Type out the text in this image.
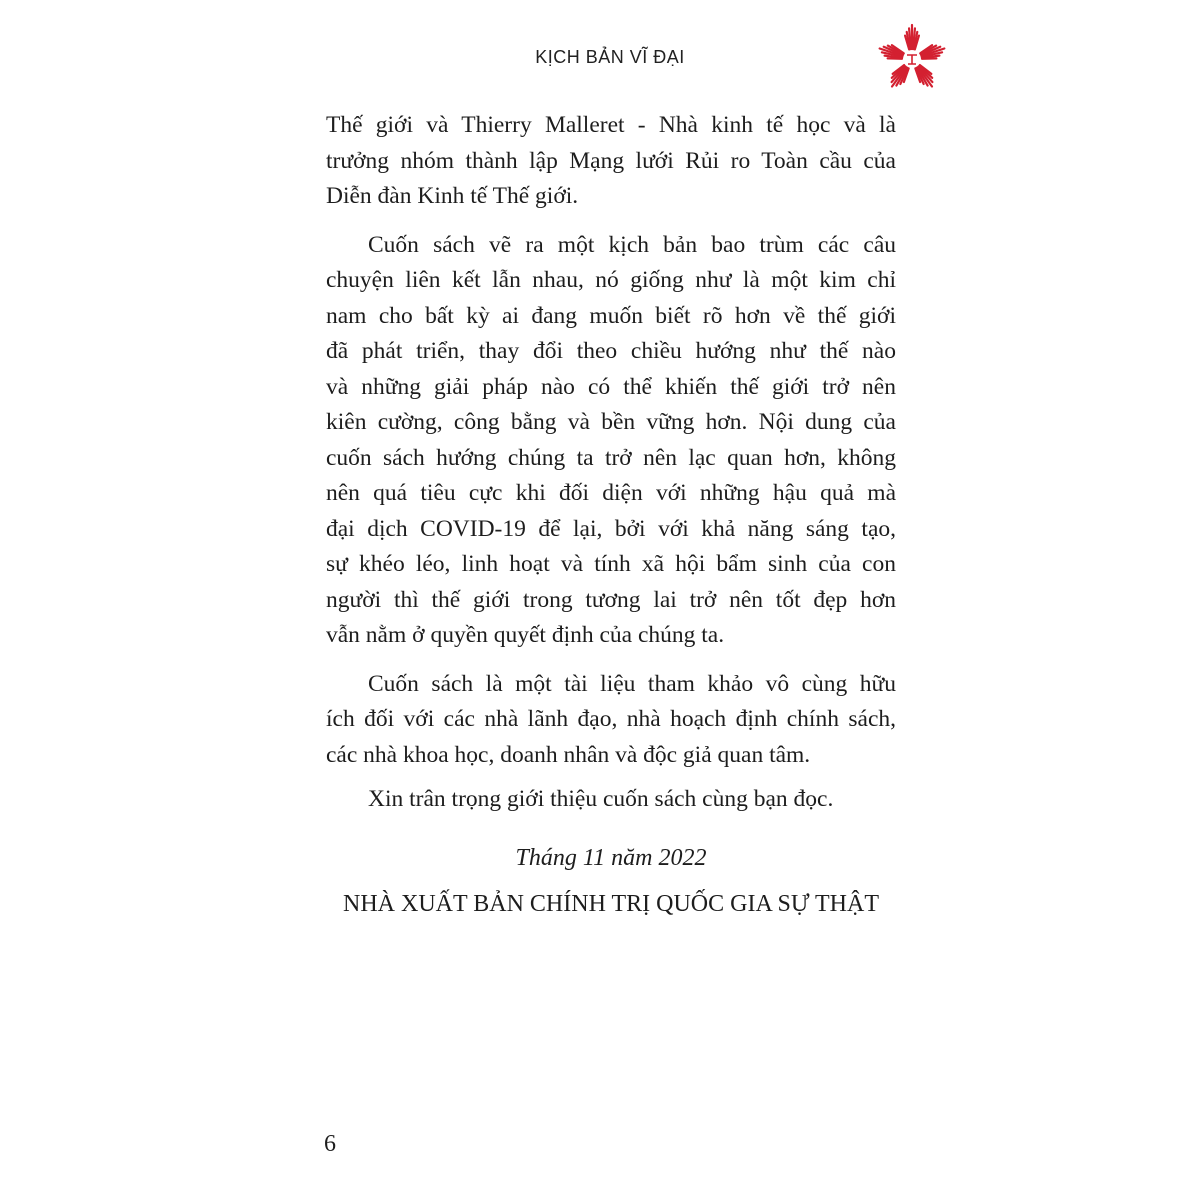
KỊCH BẢN VĨ ĐẠI
Thế giới và Thierry Malleret - Nhà kinh tế học và là
trưởng nhóm thành lập Mạng lưới Rủi ro Toàn cầu của
Diễn đàn Kinh tế Thế giới.
Cuốn sách vẽ ra một kịch bản bao trùm các câu
chuyện liên kết lẫn nhau, nó giống như là một kim chỉ
nam cho bất kỳ ai đang muốn biết rõ hơn về thế giới
đã phát triển, thay đổi theo chiều hướng như thế nào
và những giải pháp nào có thể khiến thế giới trở nên
kiên cường, công bằng và bền vững hơn. Nội dung của
cuốn sách hướng chúng ta trở nên lạc quan hơn, không
nên quá tiêu cực khi đối diện với những hậu quả mà
đại dịch COVID-19 để lại, bởi với khả năng sáng tạo,
sự khéo léo, linh hoạt và tính xã hội bẩm sinh của con
người thì thế giới trong tương lai trở nên tốt đẹp hơn
vẫn nằm ở quyền quyết định của chúng ta.
Cuốn sách là một tài liệu tham khảo vô cùng hữu
ích đối với các nhà lãnh đạo, nhà hoạch định chính sách,
các nhà khoa học, doanh nhân và độc giả quan tâm.
Xin trân trọng giới thiệu cuốn sách cùng bạn đọc.
Tháng 11 năm 2022
NHÀ XUẤT BẢN CHÍNH TRỊ QUỐC GIA SỰ THẬT
6
